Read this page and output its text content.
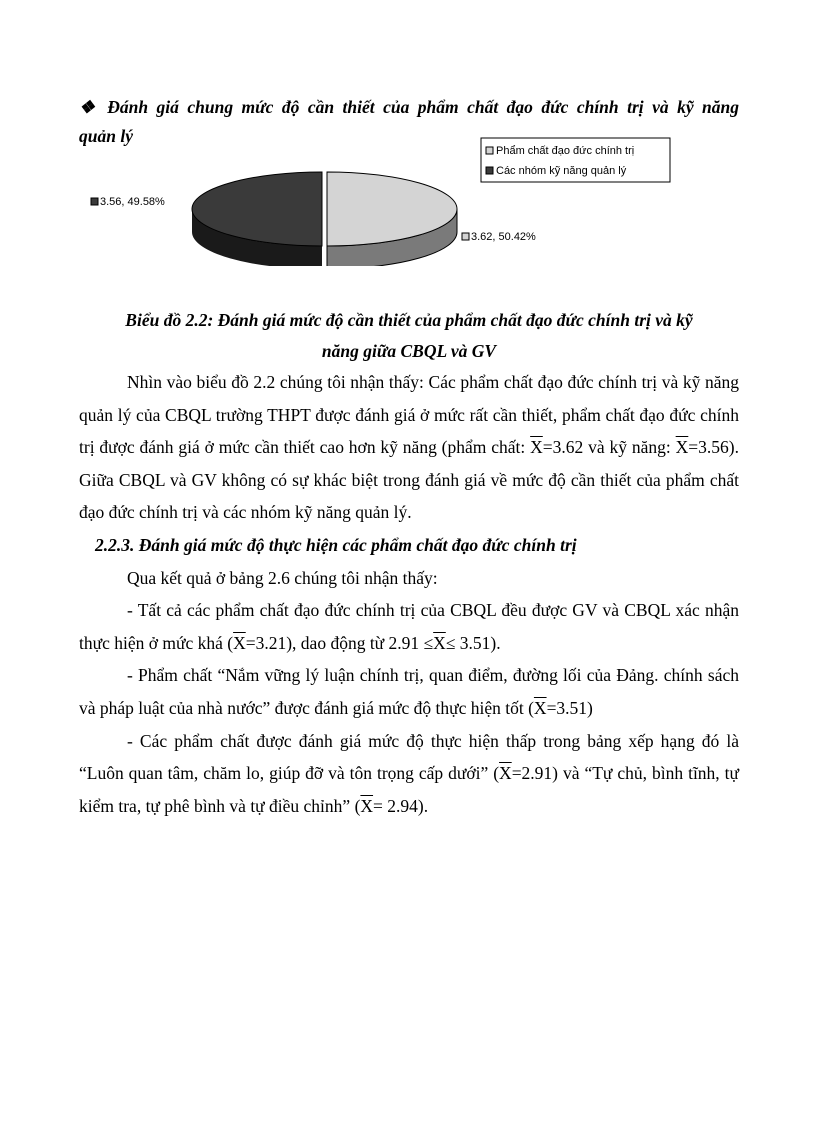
❖ Đánh giá chung mức độ cần thiết của phẩm chất đạo đức chính trị và kỹ năng
quản lý
3.56, 49.58%
3.62, 50.42%
Phẩm chất đạo đức chính trị
Các nhóm kỹ năng quản lý
Biểu đồ 2.2: Đánh giá mức độ cần thiết của phẩm chất đạo đức chính trị và kỹ
năng giữa CBQL và GV

Nhìn vào biểu đồ 2.2 chúng tôi nhận thấy: Các phẩm chất đạo đức chính trị và kỹ năng quản lý của CBQL trường THPT được đánh giá ở mức rất cần thiết, phẩm chất đạo đức chính trị được đánh giá ở mức cần thiết cao hơn kỹ năng (phẩm chất: $\overline{X}=3.62$ và kỹ năng: $\overline{X}=3.56$). Giữa CBQL và GV không có sự khác biệt trong đánh giá về mức độ cần thiết của phẩm chất đạo đức chính trị và các nhóm kỹ năng quản lý.

2.2.3. Đánh giá mức độ thực hiện các phẩm chất đạo đức chính trị

Qua kết quả ở bảng 2.6 chúng tôi nhận thấy:

- Tất cả các phẩm chất đạo đức chính trị của CBQL đều được GV và CBQL xác nhận thực hiện ở mức khá $(\overline{X}=3.21)$, dao động từ $2.91 \le\overline{X}\le 3.51$).

- Phẩm chất “Nắm vững lý luận chính trị, quan điểm, đường lối của Đảng. chính sách và pháp luật của nhà nước” được đánh giá mức độ thực hiện tốt $(\overline{X}=3.51)$

- Các phẩm chất được đánh giá mức độ thực hiện thấp trong bảng xếp hạng đó là “Luôn quan tâm, chăm lo, giúp đỡ và tôn trọng cấp dưới” $(\overline{X}=2.91)$ và “Tự chủ, bình tĩnh, tự kiểm tra, tự phê bình và tự điều chỉnh” $(\overline{X}= 2.94)$.
